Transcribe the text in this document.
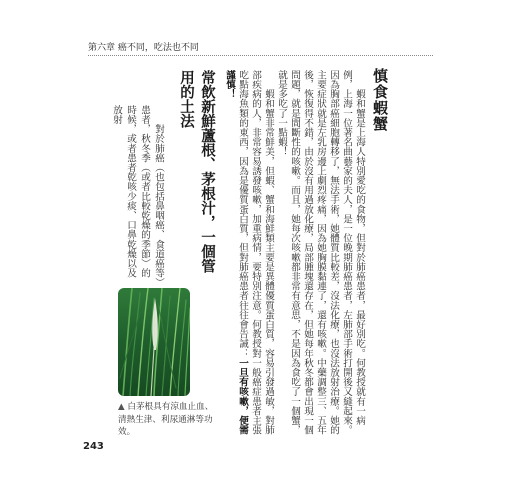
第六章 癌不同，吃法也不同
慎食蝦蟹
蝦和蟹是上海人特別愛吃的食物，但對於肺癌患者，最好別吃。何教授就有一病例，上海一位著名曲藝家的夫人，是一位晚期肺癌患者，左肺部手術打開後又縫起來。因為胸部癌細胞轉移了，無法手術，她體質比較差，沒法化療，也沒法放射治療。她的主要症狀就是左乳房邊上劇烈疼痛，因為她胸膜黏連了，還有咳嗽。中藥調整三、五年後，恢復得不錯，由於沒有用過放化療，局部腫塊還存在，但她每年秋冬都會出現一個問題，就是間斷性的咳嗽。而且，她每次咳嗽都非常有意思，不是因為食吃了一個蟹，就是多吃了一點蝦！
蝦和蟹非常鮮美，但蝦、蟹和海鮮類主要是異體優質蛋白質，容易引發過敏，對肺部疾病的人，非常容易誘發咳嗽，加重病情，要特別注意。何教授對一般癌症患者主張吃點海魚類的東西，因為是優質蛋白質，但對肺癌患者往往會告誡：一旦有咳嗽，便需謹慎！
常飲新鮮蘆根、茅根汁，一個管用的土法
對於肺癌（也包括鼻咽癌、食道癌等）患者，秋冬季（或者比較乾燥的季節）的時候，或者患者乾咳少痰、口鼻乾燥以及放射
▲ 白茅根具有涼血止血、清熱生津、利尿通淋等功效。
243
